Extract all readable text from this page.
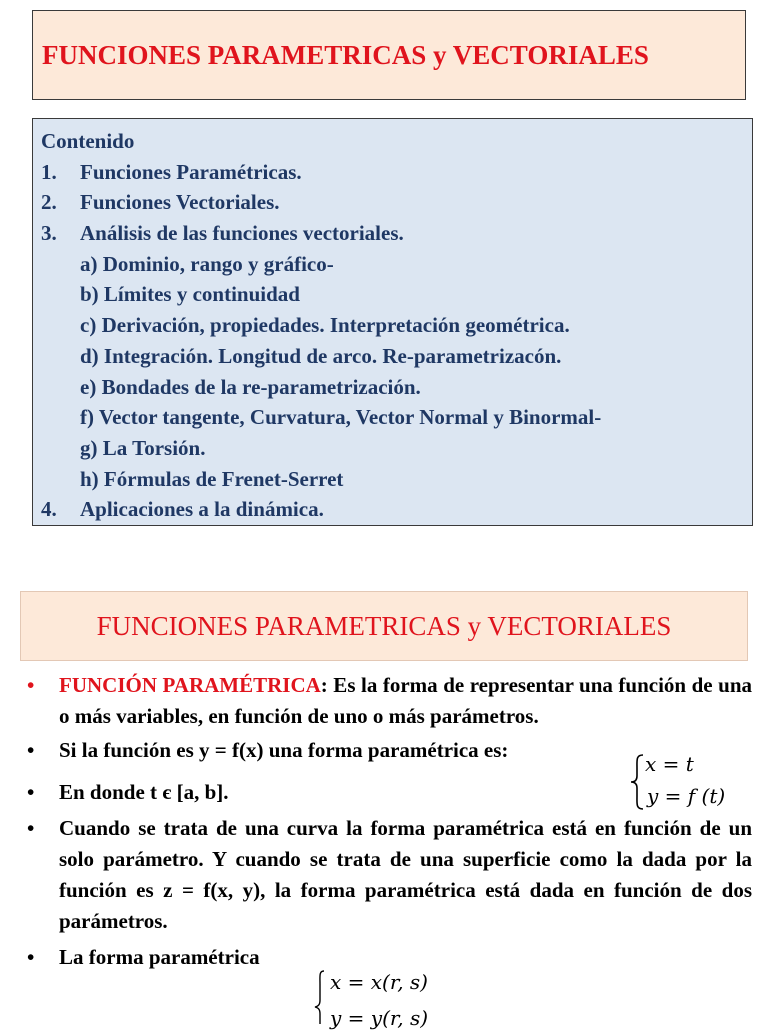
FUNCIONES PARAMETRICAS y VECTORIALES
Contenido
1. Funciones Paramétricas.
2. Funciones Vectoriales.
3. Análisis de las funciones vectoriales.
a) Dominio, rango y gráfico-
b) Límites y continuidad
c) Derivación, propiedades. Interpretación geométrica.
d) Integración. Longitud de arco. Re-parametrizacón.
e) Bondades de la re-parametrización.
f) Vector tangente, Curvatura, Vector Normal y Binormal-
g) La Torsión.
h) Fórmulas de Frenet-Serret
4. Aplicaciones a la dinámica.
FUNCIONES PARAMETRICAS y VECTORIALES
•	FUNCIÓN PARAMÉTRICA: Es la forma de representar una función de una o más variables, en función de uno o más parámetros.
•	Si la función es y = f(x) una forma paramétrica es:
•	En donde t є [a, b].
•	Cuando se trata de una curva la forma paramétrica está en función de un solo parámetro. Y cuando se trata de una superficie como la dada por la función es z = f(x, y), la forma paramétrica está dada en función de dos parámetros.
•	La forma paramétrica
x = t
y = f (t)
x = x(r, s)
y = y(r, s)
